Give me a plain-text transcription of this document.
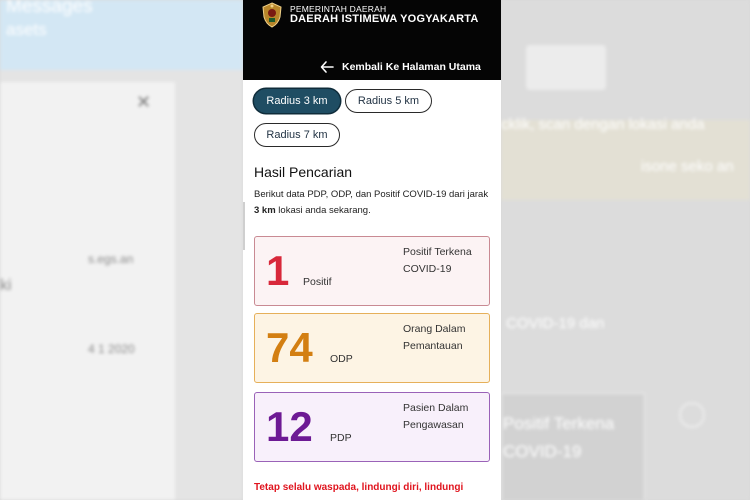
Messages
asets
✕
s.egs.an
ki
4 1 2020
cklik, scan dengan lokasi anda
isone seko an
COVID-19 dan
Positif Terkena
COVID-19
PEMERINTAH DAERAH
DAERAH ISTIMEWA YOGYAKARTA
Kembali Ke Halaman Utama
Radius
3 km	Radius
5 km
Radius
7 km
Hasil Pencarian
Berikut data PDP, ODP, dan Positif COVID-19 dari jarak 3 km lokasi anda sekarang.
1 Positif
Positif Terkena COVID-19
74 ODP
Orang Dalam Pemantauan
12 PDP
Pasien Dalam Pengawasan
Tetap selalu waspada, lindungi diri, lindungi
